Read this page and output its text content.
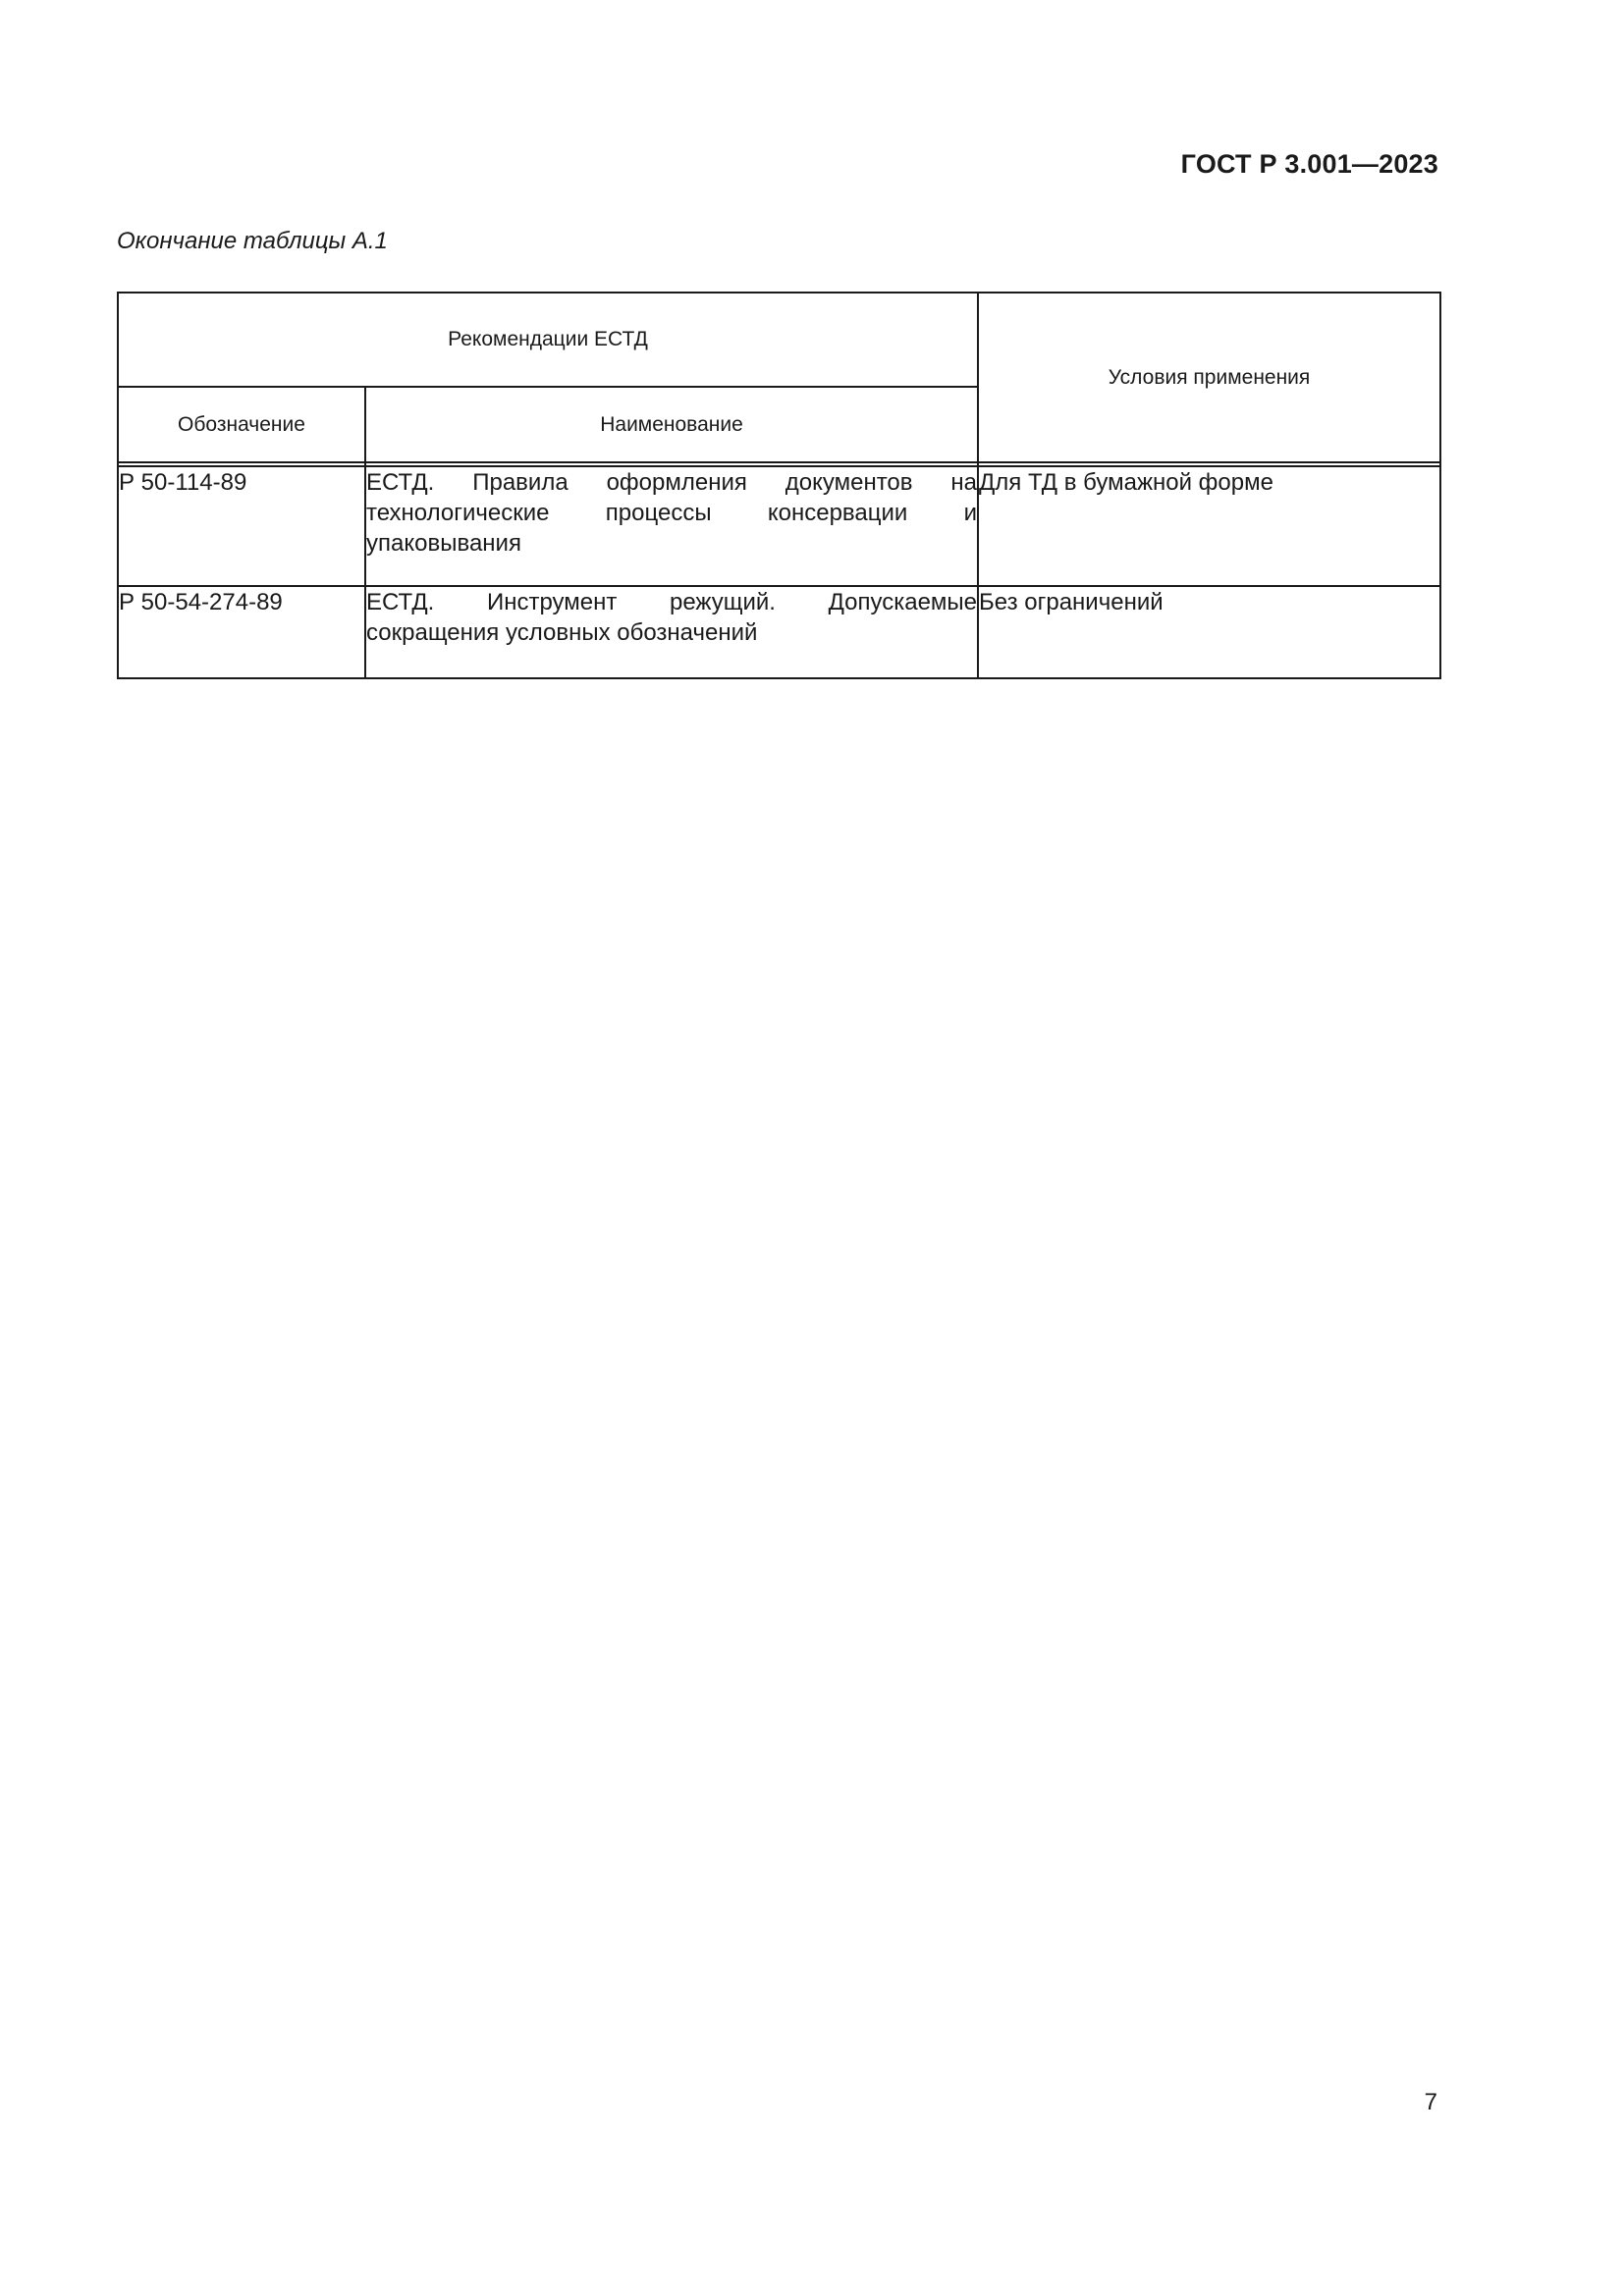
ГОСТ Р 3.001—2023
Окончание таблицы А.1
Рекомендации ЕСТД		Условия применения
Обозначение	Наименование	

Р 50-114-89	ЕСТД. Правила оформления документов на технологические процессы консервации и упаковывания	Для ТД в бумажной форме
Р 50-54-274-89	ЕСТД. Инструмент режущий. Допускаемые сокращения условных обозначений	Без ограничений
7
